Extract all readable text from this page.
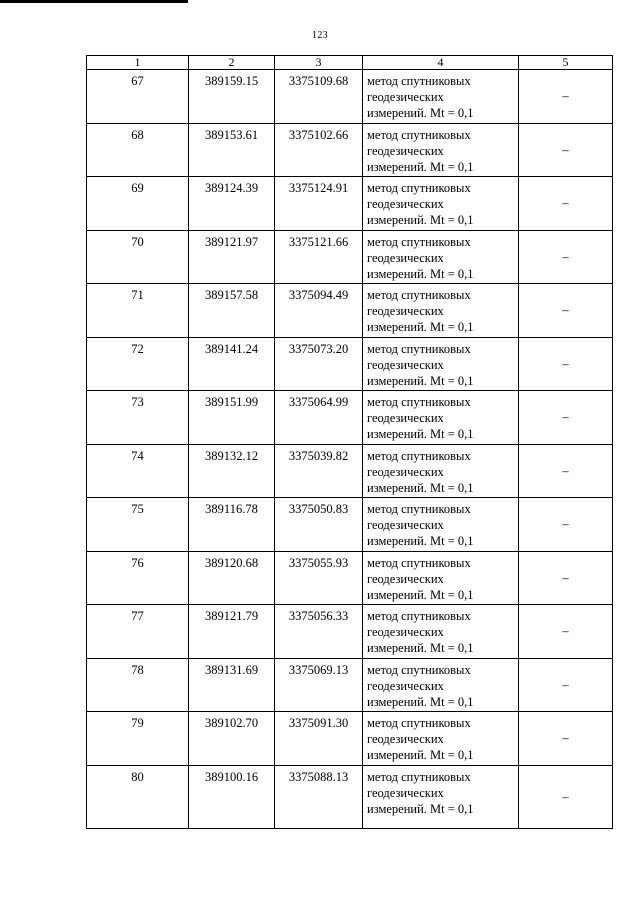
123
1	2	3	4	5
67	389159.15	3375109.68	метод спутниковых
геодезических
измерений. Mt = 0,1	–
68	389153.61	3375102.66	метод спутниковых
геодезических
измерений. Mt = 0,1	–
69	389124.39	3375124.91	метод спутниковых
геодезических
измерений. Mt = 0,1	–
70	389121.97	3375121.66	метод спутниковых
геодезических
измерений. Mt = 0,1	–
71	389157.58	3375094.49	метод спутниковых
геодезических
измерений. Mt = 0,1	–
72	389141.24	3375073.20	метод спутниковых
геодезических
измерений. Mt = 0,1	–
73	389151.99	3375064.99	метод спутниковых
геодезических
измерений. Mt = 0,1	–
74	389132.12	3375039.82	метод спутниковых
геодезических
измерений. Mt = 0,1	–
75	389116.78	3375050.83	метод спутниковых
геодезических
измерений. Mt = 0,1	–
76	389120.68	3375055.93	метод спутниковых
геодезических
измерений. Mt = 0,1	–
77	389121.79	3375056.33	метод спутниковых
геодезических
измерений. Mt = 0,1	–
78	389131.69	3375069.13	метод спутниковых
геодезических
измерений. Mt = 0,1	–
79	389102.70	3375091.30	метод спутниковых
геодезических
измерений. Mt = 0,1	–
80	389100.16	3375088.13	метод спутниковых
геодезических
измерений. Mt = 0,1	–
